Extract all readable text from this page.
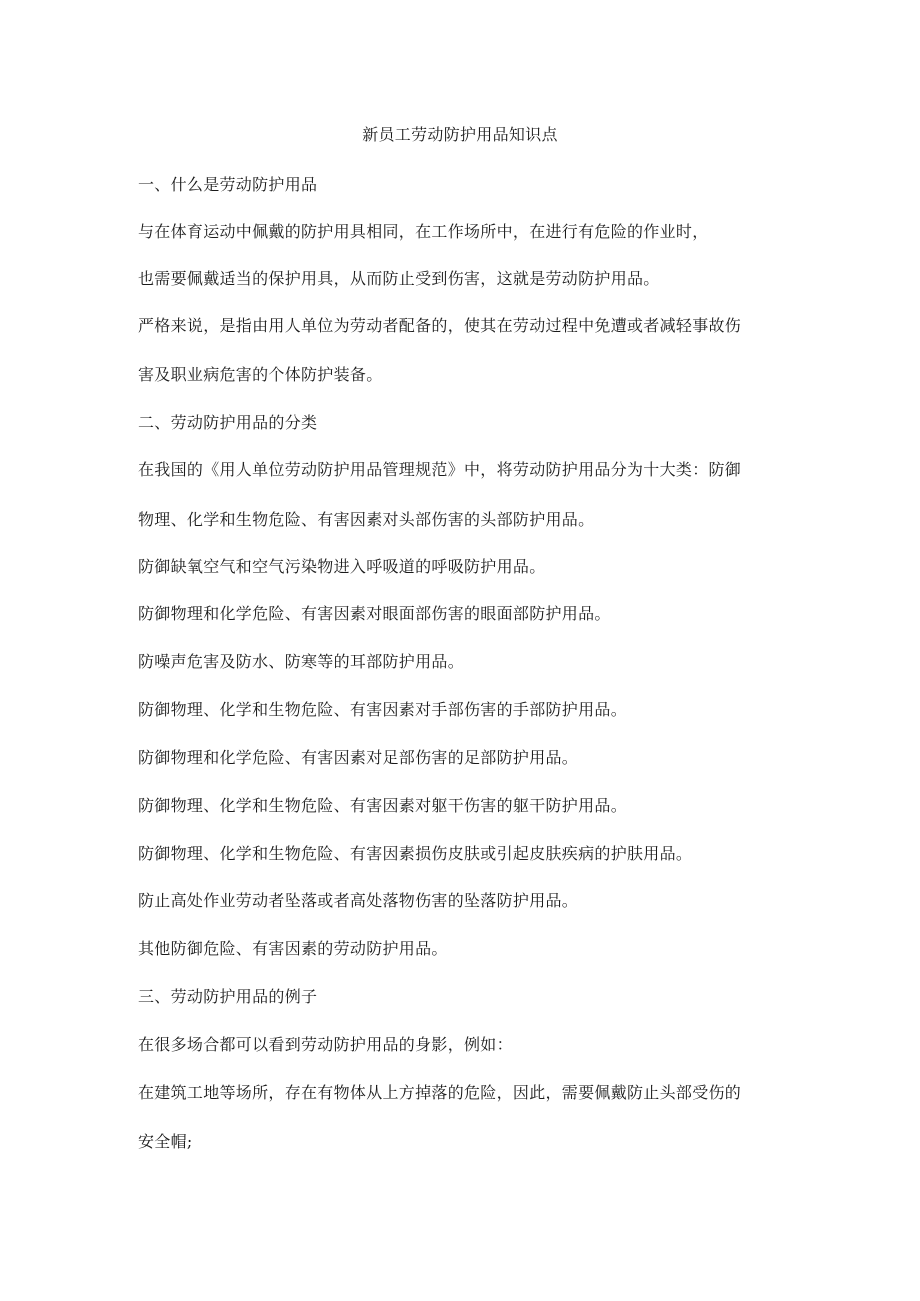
新员工劳动防护用品知识点
一、什么是劳动防护用品
与在体育运动中佩戴的防护用具相同，在工作场所中，在进行有危险的作业时，
也需要佩戴适当的保护用具，从而防止受到伤害，这就是劳动防护用品。
严格来说，是指由用人单位为劳动者配备的，使其在劳动过程中免遭或者减轻事故伤
害及职业病危害的个体防护装备。
二、劳动防护用品的分类
在我国的《用人单位劳动防护用品管理规范》中，将劳动防护用品分为十大类：防御
物理、化学和生物危险、有害因素对头部伤害的头部防护用品。
防御缺氧空气和空气污染物进入呼吸道的呼吸防护用品。
防御物理和化学危险、有害因素对眼面部伤害的眼面部防护用品。
防噪声危害及防水、防寒等的耳部防护用品。
防御物理、化学和生物危险、有害因素对手部伤害的手部防护用品。
防御物理和化学危险、有害因素对足部伤害的足部防护用品。
防御物理、化学和生物危险、有害因素对躯干伤害的躯干防护用品。
防御物理、化学和生物危险、有害因素损伤皮肤或引起皮肤疾病的护肤用品。
防止高处作业劳动者坠落或者高处落物伤害的坠落防护用品。
其他防御危险、有害因素的劳动防护用品。
三、劳动防护用品的例子
在很多场合都可以看到劳动防护用品的身影，例如：
在建筑工地等场所，存在有物体从上方掉落的危险，因此，需要佩戴防止头部受伤的
安全帽;
